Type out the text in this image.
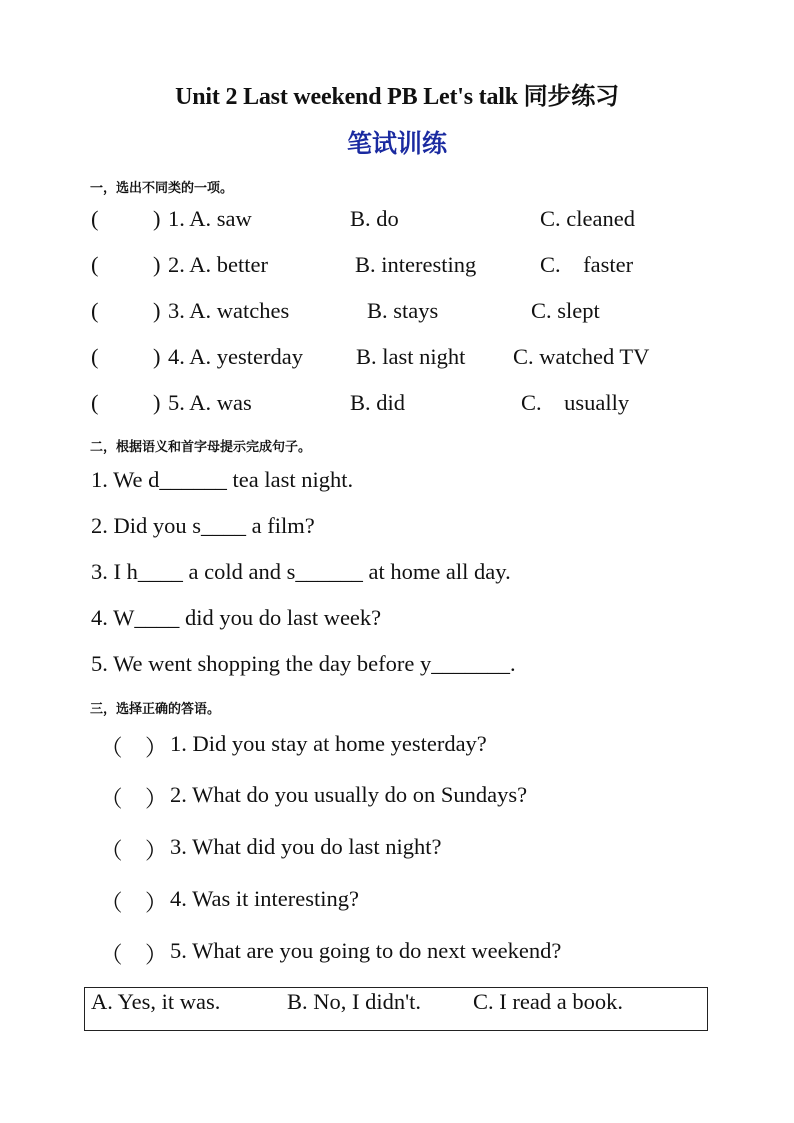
Unit 2 Last weekend PB Let's talk 同步练习
笔试训练
一，选出不同类的一项。
( ) 1. A. saw	B. do	C. cleaned
( ) 2. A. better	B. interesting	C.    faster
( ) 3. A. watches	B. stays	C. slept
( ) 4. A. yesterday B. last night C. watched TV
( ) 5. A. was	B. did	C.    usually
二，根据语义和首字母提示完成句子。
1. We d______ tea last night.
2. Did you s____ a film?
3. I h____ a cold and s______ at home all day.
4. W____ did you do last week?
5. We went shopping the day before y_______.
三，选择正确的答语。
（　） 1. Did you stay at home yesterday?
（　） 2. What do you usually do on Sundays?
（　） 3. What did you do last night?
（　） 4. Was it interesting?
（　） 5. What are you going to do next weekend?
A. Yes, it was.	B. No, I didn't. C. I read a book.
